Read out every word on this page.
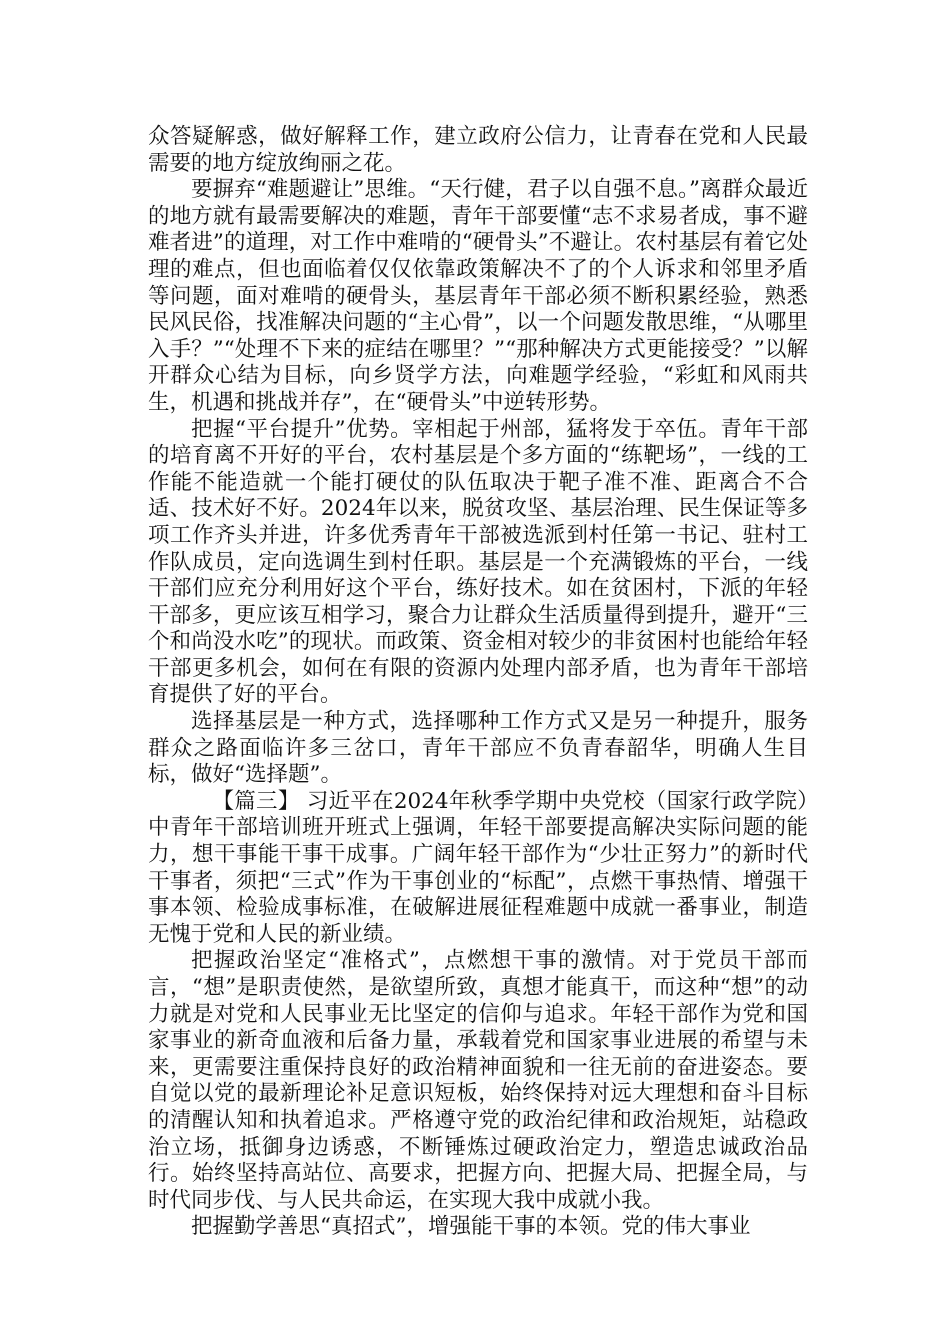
众答疑解惑，做好解释工作，建立政府公信力，让青春在党和人民最需要的地方绽放绚丽之花。

要摒弃“难题避让”思维。“天行健，君子以自强不息。”离群众最近的地方就有最需要解决的难题，青年干部要懂“志不求易者成，事不避难者进”的道理，对工作中难啃的“硬骨头”不避让。农村基层有着它处理的难点，但也面临着仅仅依靠政策解决不了的个人诉求和邻里矛盾等问题，面对难啃的硬骨头，基层青年干部必须不断积累经验，熟悉民风民俗，找准解决问题的“主心骨”，以一个问题发散思维，“从哪里入手？”“处理不下来的症结在哪里？”“那种解决方式更能接受？”以解开群众心结为目标，向乡贤学方法，向难题学经验，“彩虹和风雨共生，机遇和挑战并存”，在“硬骨头”中逆转形势。

把握“平台提升”优势。宰相起于州部，猛将发于卒伍。青年干部的培育离不开好的平台，农村基层是个多方面的“练靶场”，一线的工作能不能造就一个能打硬仗的队伍取决于靶子准不准、距离合不合适、技术好不好。2024年以来，脱贫攻坚、基层治理、民生保证等多项工作齐头并进，许多优秀青年干部被选派到村任第一书记、驻村工作队成员，定向选调生到村任职。基层是一个充满锻炼的平台，一线干部们应充分利用好这个平台，练好技术。如在贫困村，下派的年轻干部多，更应该互相学习，聚合力让群众生活质量得到提升，避开“三个和尚没水吃”的现状。而政策、资金相对较少的非贫困村也能给年轻干部更多机会，如何在有限的资源内处理内部矛盾，也为青年干部培育提供了好的平台。

选择基层是一种方式，选择哪种工作方式又是另一种提升，服务群众之路面临许多三岔口，青年干部应不负青春韶华，明确人生目标，做好“选择题”。

【篇三】 习近平在2024年秋季学期中央党校（国家行政学院）中青年干部培训班开班式上强调，年轻干部要提高解决实际问题的能力，想干事能干事干成事。广阔年轻干部作为“少壮正努力”的新时代干事者，须把“三式”作为干事创业的“标配”，点燃干事热情、增强干事本领、检验成事标准，在破解进展征程难题中成就一番事业，制造无愧于党和人民的新业绩。

把握政治坚定“准格式”，点燃想干事的激情。对于党员干部而言，“想”是职责使然，是欲望所致，真想才能真干，而这种“想”的动力就是对党和人民事业无比坚定的信仰与追求。年轻干部作为党和国家事业的新奇血液和后备力量，承载着党和国家事业进展的希望与未来，更需要注重保持良好的政治精神面貌和一往无前的奋进姿态。要自觉以党的最新理论补足意识短板，始终保持对远大理想和奋斗目标的清醒认知和执着追求。严格遵守党的政治纪律和政治规矩，站稳政治立场，抵御身边诱惑，不断锤炼过硬政治定力，塑造忠诚政治品行。始终坚持高站位、高要求，把握方向、把握大局、把握全局，与时代同步伐、与人民共命运，在实现大我中成就小我。

把握勤学善思“真招式”，增强能干事的本领。党的伟大事业
